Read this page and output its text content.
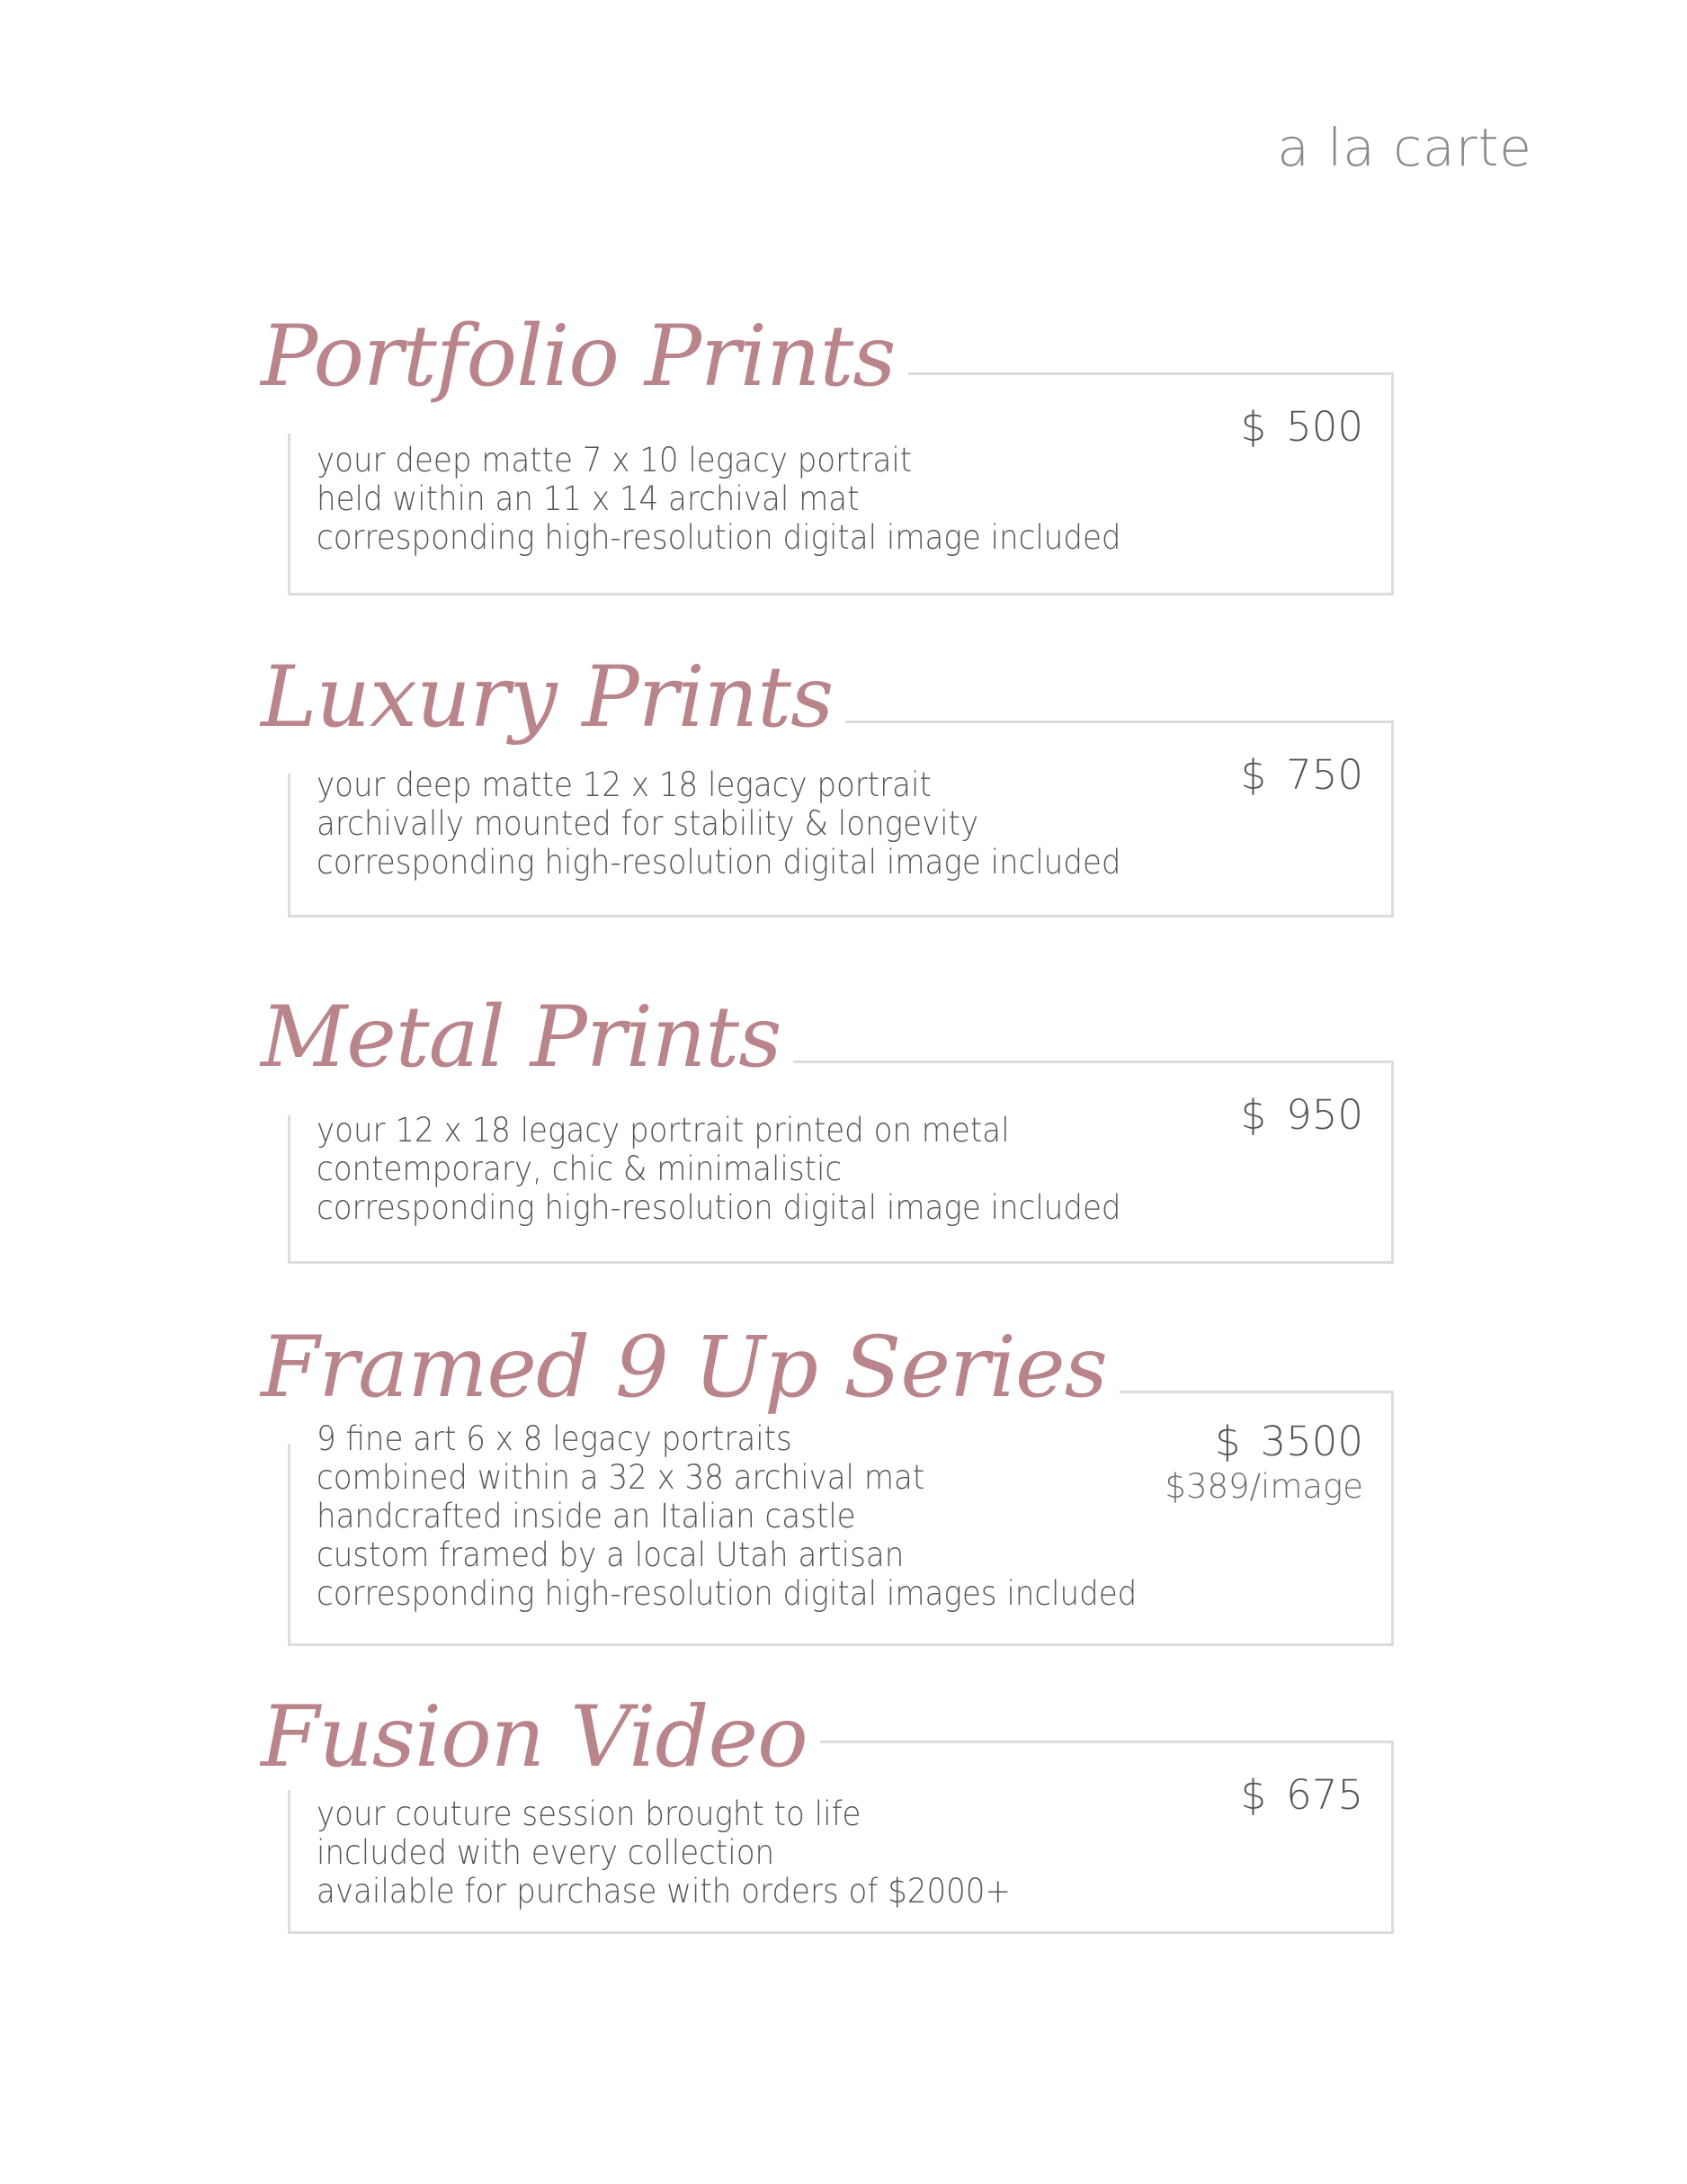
a la carte
Portfolio Prints
$ 500
your deep matte 7 x 10 legacy portrait
held within an 11 x 14 archival mat
corresponding high-resolution digital image included
Luxury Prints
$ 750
your deep matte 12 x 18 legacy portrait
archivally mounted for stability & longevity
corresponding high-resolution digital image included
Metal Prints
$ 950
your 12 x 18 legacy portrait printed on metal
contemporary, chic & minimalistic
corresponding high-resolution digital image included
Framed 9 Up Series
$ 3500
$389/image
9 fine art 6 x 8 legacy portraits
combined within a 32 x 38 archival mat
handcrafted inside an Italian castle
custom framed by a local Utah artisan
corresponding high-resolution digital images included
Fusion Video
$ 675
your couture session brought to life
included with every collection
available for purchase with orders of $2000+
